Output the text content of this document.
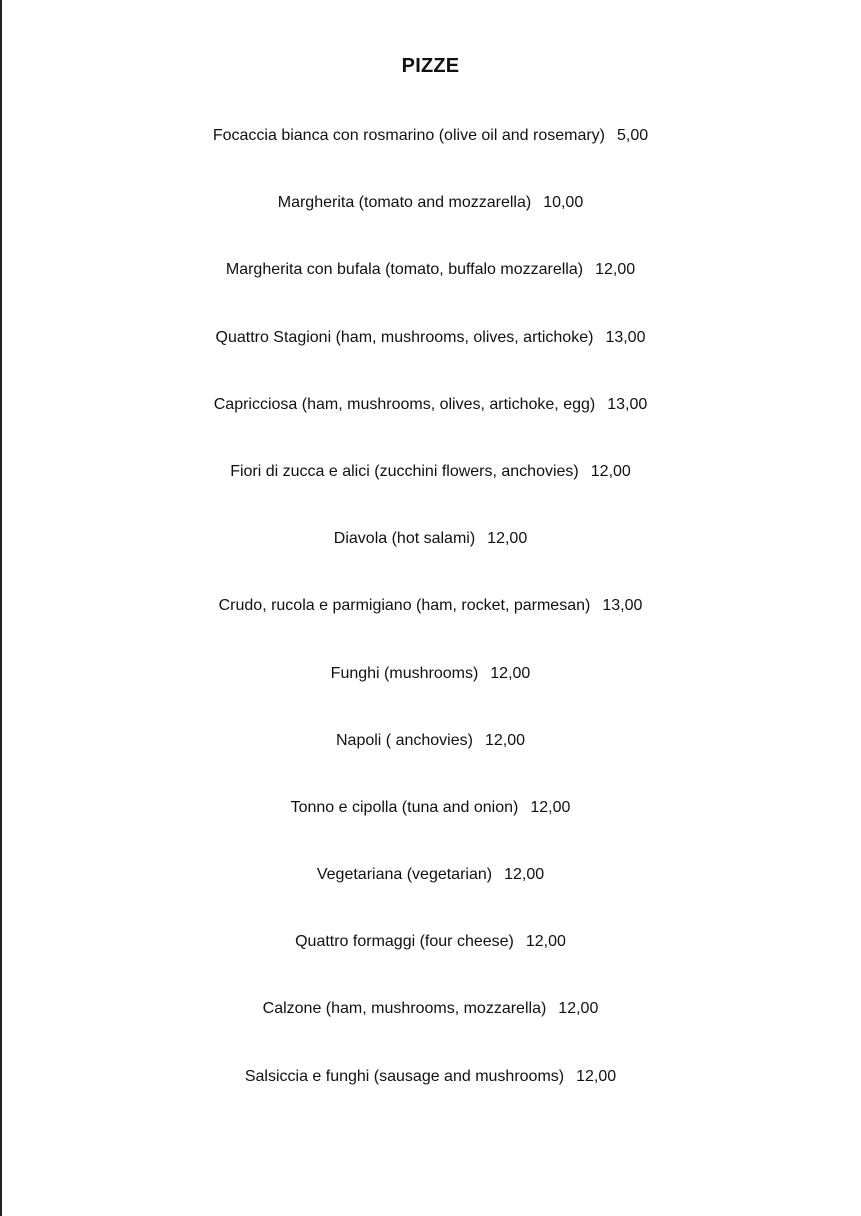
PIZZE
Focaccia bianca con rosmarino (olive oil and rosemary) 5,00
Margherita (tomato and mozzarella) 10,00
Margherita con bufala (tomato, buffalo mozzarella) 12,00
Quattro Stagioni (ham, mushrooms, olives, artichoke) 13,00
Capricciosa (ham, mushrooms, olives, artichoke, egg) 13,00
Fiori di zucca e alici (zucchini flowers, anchovies) 12,00
Diavola (hot salami) 12,00
Crudo, rucola e parmigiano (ham, rocket, parmesan) 13,00
Funghi (mushrooms) 12,00
Napoli ( anchovies) 12,00
Tonno e cipolla (tuna and onion) 12,00
Vegetariana (vegetarian) 12,00
Quattro formaggi (four cheese) 12,00
Calzone (ham, mushrooms, mozzarella) 12,00
Salsiccia e funghi (sausage and mushrooms) 12,00
